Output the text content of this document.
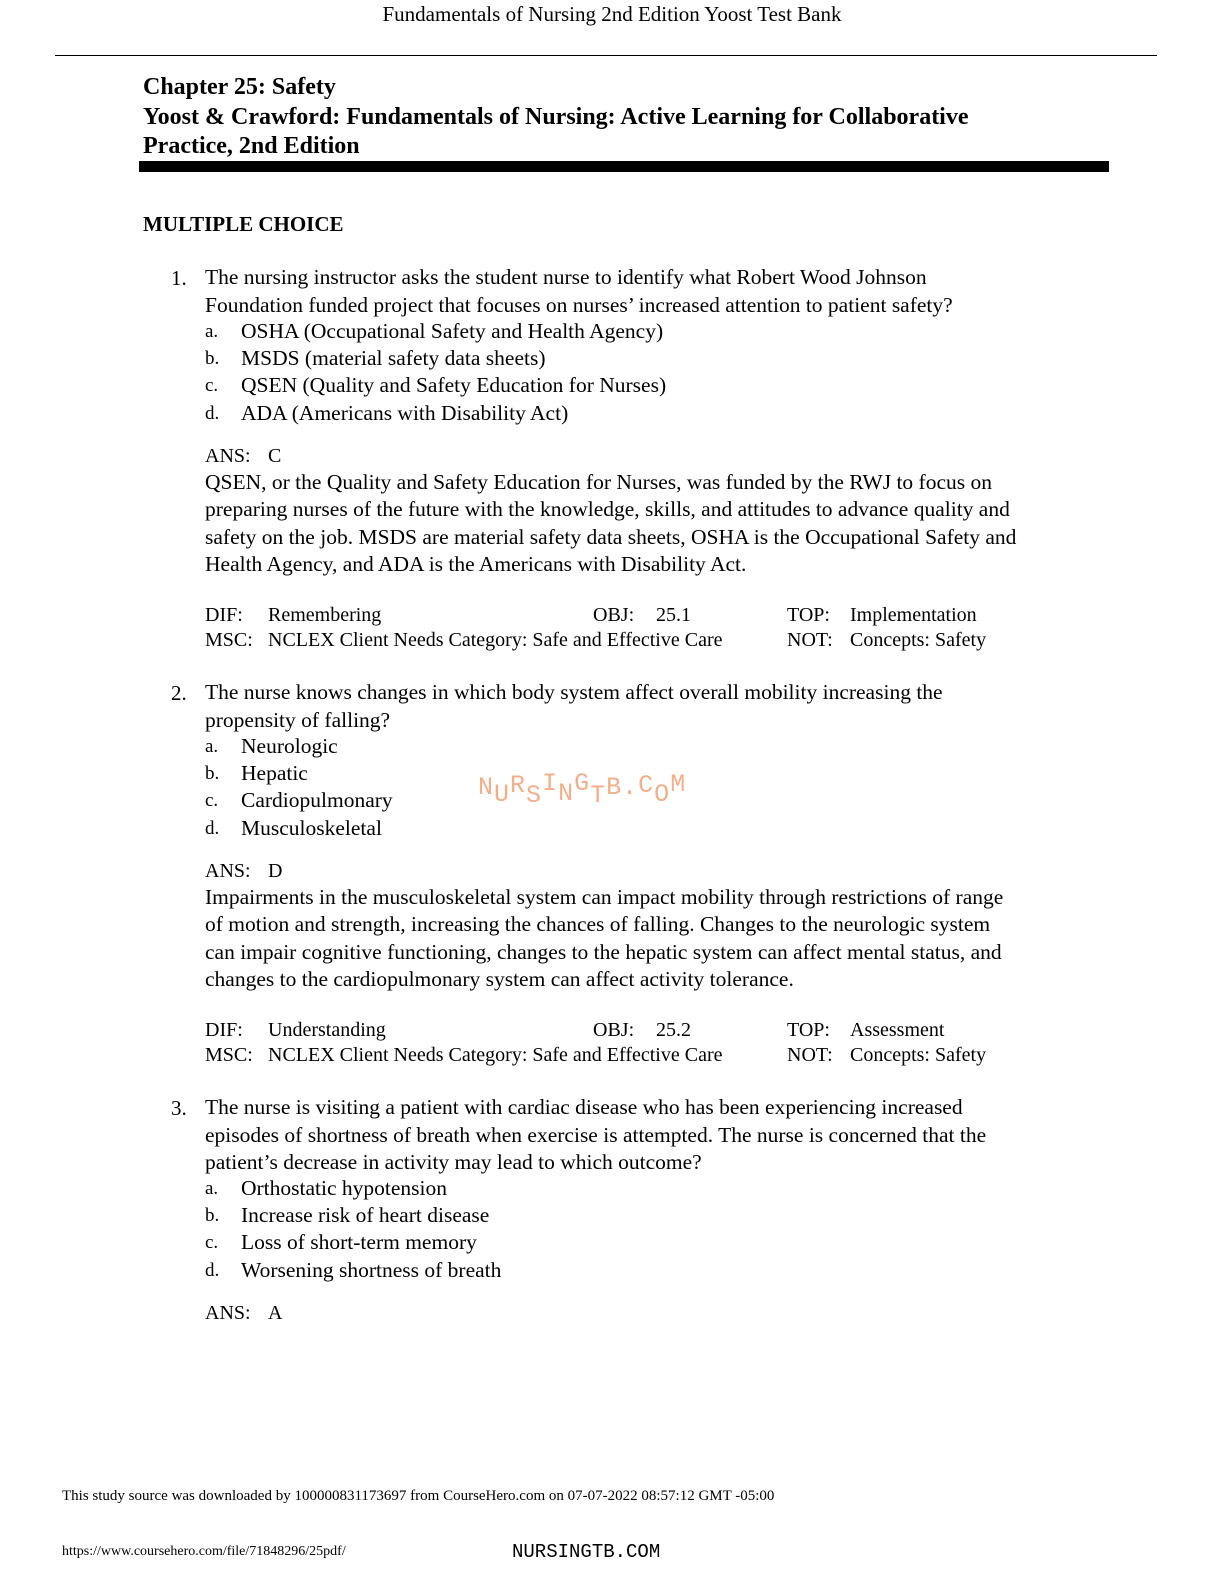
Fundamentals of Nursing 2nd Edition Yoost Test Bank
Chapter 25: Safety
Yoost & Crawford: Fundamentals of Nursing: Active Learning for Collaborative
Practice, 2nd Edition
MULTIPLE CHOICE
1. The nursing instructor asks the student nurse to identify what Robert Wood Johnson
Foundation funded project that focuses on nurses’ increased attention to patient safety?
a. OSHA (Occupational Safety and Health Agency)
b. MSDS (material safety data sheets)
c. QSEN (Quality and Safety Education for Nurses)
d. ADA (Americans with Disability Act)
ANS: C
QSEN, or the Quality and Safety Education for Nurses, was funded by the RWJ to focus on
preparing nurses of the future with the knowledge, skills, and attitudes to advance quality and
safety on the job. MSDS are material safety data sheets, OSHA is the Occupational Safety and
Health Agency, and ADA is the Americans with Disability Act.
DIF: Remembering	OBJ: 25.1	TOP: Implementation
MSC: NCLEX Client Needs Category: Safe and Effective Care	NOT: Concepts: Safety
2. The nurse knows changes in which body system affect overall mobility increasing the
propensity of falling?
a. Neurologic
b. Hepatic
c. Cardiopulmonary
d. Musculoskeletal
NURSINGTB.COM
ANS: D
Impairments in the musculoskeletal system can impact mobility through restrictions of range
of motion and strength, increasing the chances of falling. Changes to the neurologic system
can impair cognitive functioning, changes to the hepatic system can affect mental status, and
changes to the cardiopulmonary system can affect activity tolerance.
DIF: Understanding	OBJ: 25.2	TOP: Assessment
MSC: NCLEX Client Needs Category: Safe and Effective Care	NOT: Concepts: Safety
3. The nurse is visiting a patient with cardiac disease who has been experiencing increased
episodes of shortness of breath when exercise is attempted. The nurse is concerned that the
patient’s decrease in activity may lead to which outcome?
a. Orthostatic hypotension
b. Increase risk of heart disease
c. Loss of short-term memory
d. Worsening shortness of breath
ANS: A
This study source was downloaded by 100000831173697 from CourseHero.com on 07-07-2022 08:57:12 GMT -05:00
https://www.coursehero.com/file/71848296/25pdf/	NURSINGTB.COM
